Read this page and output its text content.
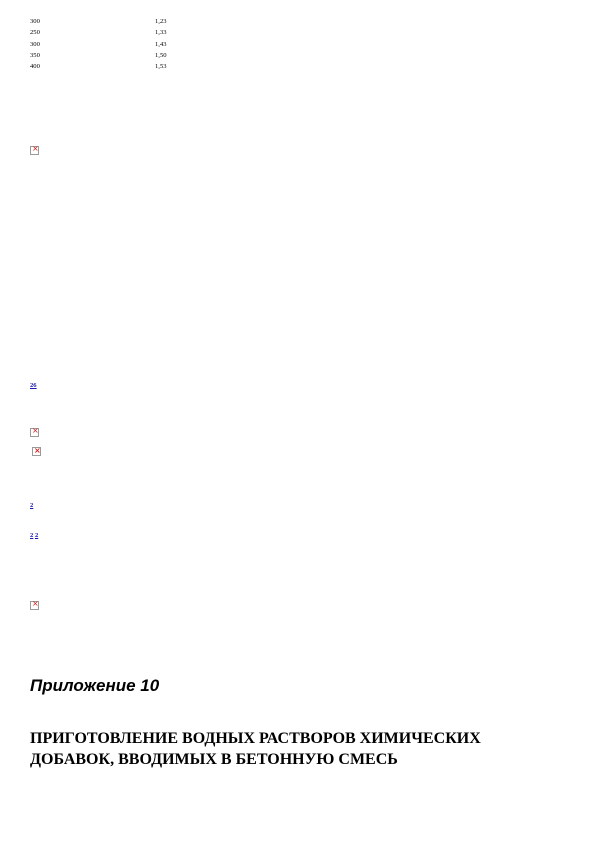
300	1,23
250	1,33
300	1,43
350	1,50
400	1,53
×
26
×
×
2
2 2
×
Приложение 10
ПРИГОТОВЛЕНИЕ ВОДНЫХ РАСТВОРОВ ХИМИЧЕСКИХ ДОБАВОК, ВВОДИМЫХ В БЕТОННУЮ СМЕСЬ
